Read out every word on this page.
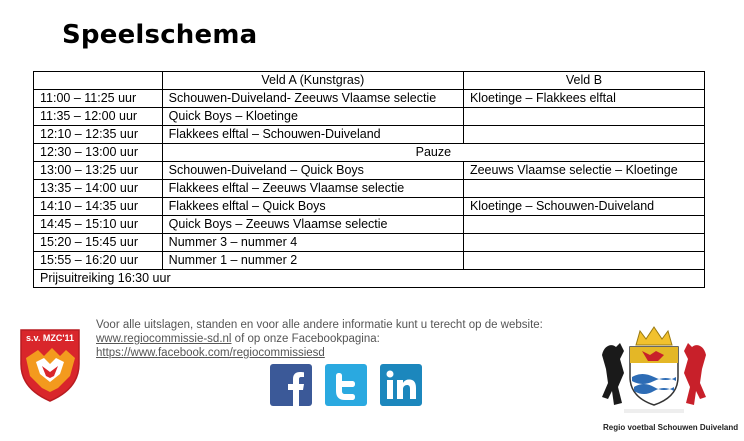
Speelschema
	Veld A (Kunstgras)	Veld B
11:00 – 11:25 uur	Schouwen-Duiveland- Zeeuws Vlaamse selectie	Kloetinge – Flakkees elftal
11:35 – 12:00 uur	Quick Boys – Kloetinge	
12:10 – 12:35 uur	Flakkees elftal – Schouwen-Duiveland	
12:30 – 13:00 uur	Pauze	
13:00 – 13:25 uur	Schouwen-Duiveland – Quick Boys	Zeeuws Vlaamse selectie – Kloetinge
13:35 – 14:00 uur	Flakkees elftal – Zeeuws Vlaamse selectie	
14:10 – 14:35 uur	Flakkees elftal – Quick Boys	Kloetinge – Schouwen-Duiveland
14:45 – 15:10 uur	Quick Boys – Zeeuws Vlaamse selectie	
15:20 – 15:45 uur	Nummer 3 – nummer 4	
15:55 – 16:20 uur	Nummer 1 – nummer 2	
Prijsuitreiking 16:30 uur		
s.v. MZC'11
Voor alle uitslagen, standen en voor alle andere informatie kunt u terecht op de website:
www.regiocommissie-sd.nl of op onze Facebookpagina:
https://www.facebook.com/regiocommissiesd
Regio voetbal Schouwen Duiveland
